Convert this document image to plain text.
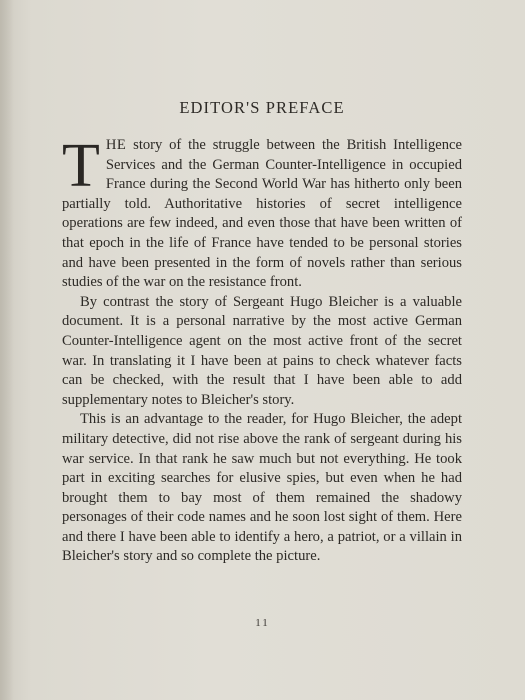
EDITOR'S PREFACE

THE story of the struggle between the British Intelligence Services and the German Counter-Intelligence in occupied France during the Second World War has hitherto only been partially told. Authoritative histories of secret intelligence operations are few indeed, and even those that have been written of that epoch in the life of France have tended to be personal stories and have been presented in the form of novels rather than serious studies of the war on the resistance front.

By contrast the story of Sergeant Hugo Bleicher is a valuable document. It is a personal narrative by the most active German Counter-Intelligence agent on the most active front of the secret war. In translating it I have been at pains to check whatever facts can be checked, with the result that I have been able to add supplementary notes to Bleicher's story.

This is an advantage to the reader, for Hugo Bleicher, the adept military detective, did not rise above the rank of sergeant during his war service. In that rank he saw much but not everything. He took part in exciting searches for elusive spies, but even when he had brought them to bay most of them remained the shadowy personages of their code names and he soon lost sight of them. Here and there I have been able to identify a hero, a patriot, or a villain in Bleicher's story and so complete the picture.

11
